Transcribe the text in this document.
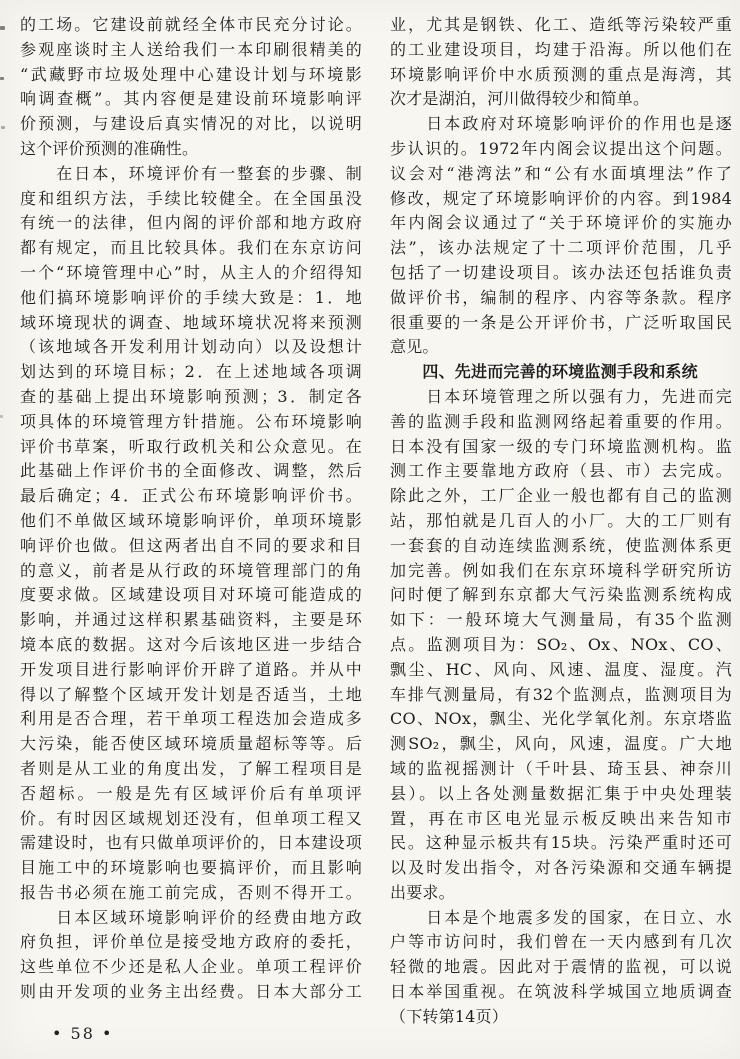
的工场。它建设前就经全体市民充分讨论。
参观座谈时主人送给我们一本印刷很精美的
“武藏野市垃圾处理中心建设计划与环境影
响调查概”。其内容便是建设前环境影响评
价预测，与建设后真实情况的对比，以说明
这个评价预测的准确性。
　　在日本，环境评价有一整套的步骤、制
度和组织方法，手续比较健全。在全国虽没
有统一的法律，但内阁的评价部和地方政府
都有规定，而且比较具体。我们在东京访问
一个“环境管理中心”时，从主人的介绍得知
他们搞环境影响评价的手续大致是：1．地
域环境现状的调查、地域环境状况将来预测
（该地域各开发利用计划动向）以及设想计
划达到的环境目标；2．在上述地域各项调
查的基础上提出环境影响预测；3．制定各
项具体的环境管理方针措施。公布环境影响
评价书草案，听取行政机关和公众意见。在
此基础上作评价书的全面修改、调整，然后
最后确定；4．正式公布环境影响评价书。
他们不单做区域环境影响评价，单项环境影
响评价也做。但这两者出自不同的要求和目
的意义，前者是从行政的环境管理部门的角
度要求做。区域建设项目对环境可能造成的
影响，并通过这样积累基础资料，主要是环
境本底的数据。这对今后该地区进一步结合
开发项目进行影响评价开辟了道路。并从中
得以了解整个区域开发计划是否适当，土地
利用是否合理，若干单项工程迭加会造成多
大污染，能否使区域环境质量超标等等。后
者则是从工业的角度出发，了解工程项目是
否超标。一般是先有区域评价后有单项评
价。有时因区域规划还没有，但单项工程又
需建设时，也有只做单项评价的，日本建设项
目施工中的环境影响也要搞评价，而且影响
报告书必须在施工前完成，否则不得开工。
　　日本区域环境影响评价的经费由地方政
府负担，评价单位是接受地方政府的委托，
这些单位不少还是私人企业。单项工程评价
则由开发项的业务主出经费。日本大部分工
业，尤其是钢铁、化工、造纸等污染较严重
的工业建设项目，均建于沿海。所以他们在
环境影响评价中水质预测的重点是海湾，其
次才是湖泊，河川做得较少和简单。
　　日本政府对环境影响评价的作用也是逐
步认识的。1972年内阁会议提出这个问题。
议会对“港湾法”和“公有水面填埋法”作了
修改，规定了环境影响评价的内容。到1984
年内阁会议通过了“关于环境评价的实施办
法”，该办法规定了十二项评价范围，几乎
包括了一切建设项目。该办法还包括谁负责
做评价书，编制的程序、内容等条款。程序
很重要的一条是公开评价书，广泛听取国民
意见。
　　四、先进而完善的环境监测手段和系统
　　日本环境管理之所以强有力，先进而完
善的监测手段和监测网络起着重要的作用。
日本没有国家一级的专门环境监测机构。监
测工作主要靠地方政府（县、市）去完成。
除此之外，工厂企业一般也都有自己的监测
站，那怕就是几百人的小厂。大的工厂则有
一套套的自动连续监测系统，使监测体系更
加完善。例如我们在东京环境科学研究所访
问时便了解到东京都大气污染监测系统构成
如下：一般环境大气测量局，有35个监测
点。监测项目为：SO₂、Ox、NOx、CO、
飘尘、HC、风向、风速、温度、湿度。汽
车排气测量局，有32个监测点，监测项目为
CO、NOx，飘尘、光化学氧化剂。东京塔监
测SO₂，飘尘，风向，风速，温度。广大地
域的监视摇测计（千叶县、琦玉县、神奈川
县）。以上各处测量数据汇集于中央处理装
置，再在市区电光显示板反映出来告知市
民。这种显示板共有15块。污染严重时还可
以及时发出指令，对各污染源和交通车辆提
出要求。
　　日本是个地震多发的国家，在日立、水
户等市访问时，我们曾在一天内感到有几次
轻微的地震。因此对于震情的监视，可以说
日本举国重视。在筑波科学城国立地质调查
（下转第14页）
• 58 •
